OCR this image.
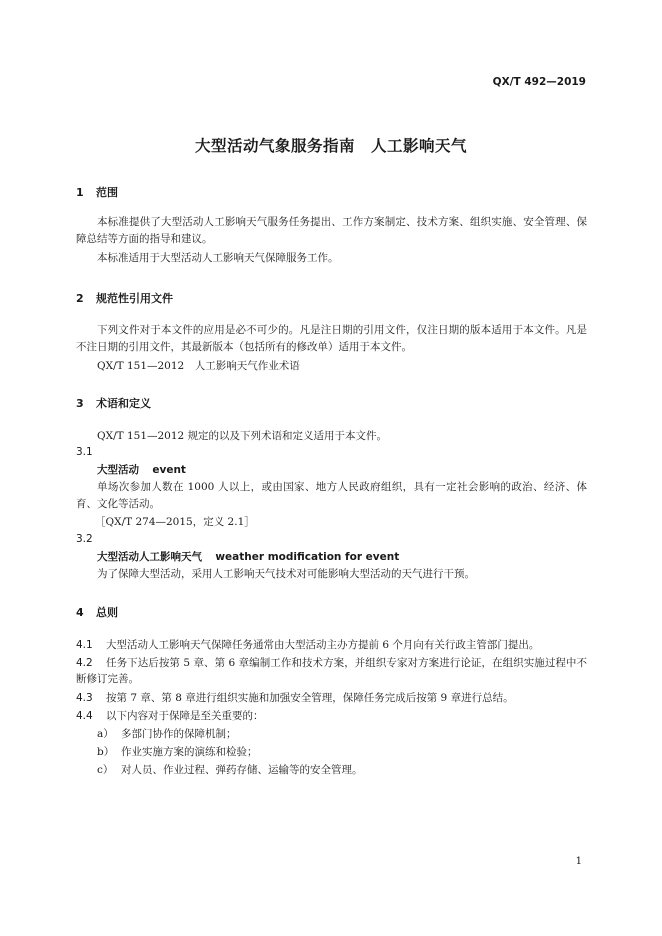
QX/T 492—2019
大型活动气象服务指南　人工影响天气
1 范围
本标准提供了大型活动人工影响天气服务任务提出、工作方案制定、技术方案、组织实施、安全管理、保障总结等方面的指导和建议。
本标准适用于大型活动人工影响天气保障服务工作。
2 规范性引用文件
下列文件对于本文件的应用是必不可少的。凡是注日期的引用文件，仅注日期的版本适用于本文件。凡是不注日期的引用文件，其最新版本（包括所有的修改单）适用于本文件。
QX/T 151—2012　人工影响天气作业术语
3 术语和定义
QX/T 151—2012 规定的以及下列术语和定义适用于本文件。
3.1
大型活动 event
单场次参加人数在 1000 人以上，或由国家、地方人民政府组织，具有一定社会影响的政治、经济、体育、文化等活动。
［QX/T 274—2015，定义 2.1］
3.2
大型活动人工影响天气 weather modification for event
为了保障大型活动，采用人工影响天气技术对可能影响大型活动的天气进行干预。
4 总则
4.1 大型活动人工影响天气保障任务通常由大型活动主办方提前 6 个月向有关行政主管部门提出。
4.2 任务下达后按第 5 章、第 6 章编制工作和技术方案，并组织专家对方案进行论证，在组织实施过程中不断修订完善。
4.3 按第 7 章、第 8 章进行组织实施和加强安全管理，保障任务完成后按第 9 章进行总结。
4.4 以下内容对于保障是至关重要的：
a） 多部门协作的保障机制；
b） 作业实施方案的演练和检验；
c） 对人员、作业过程、弹药存储、运输等的安全管理。
1
